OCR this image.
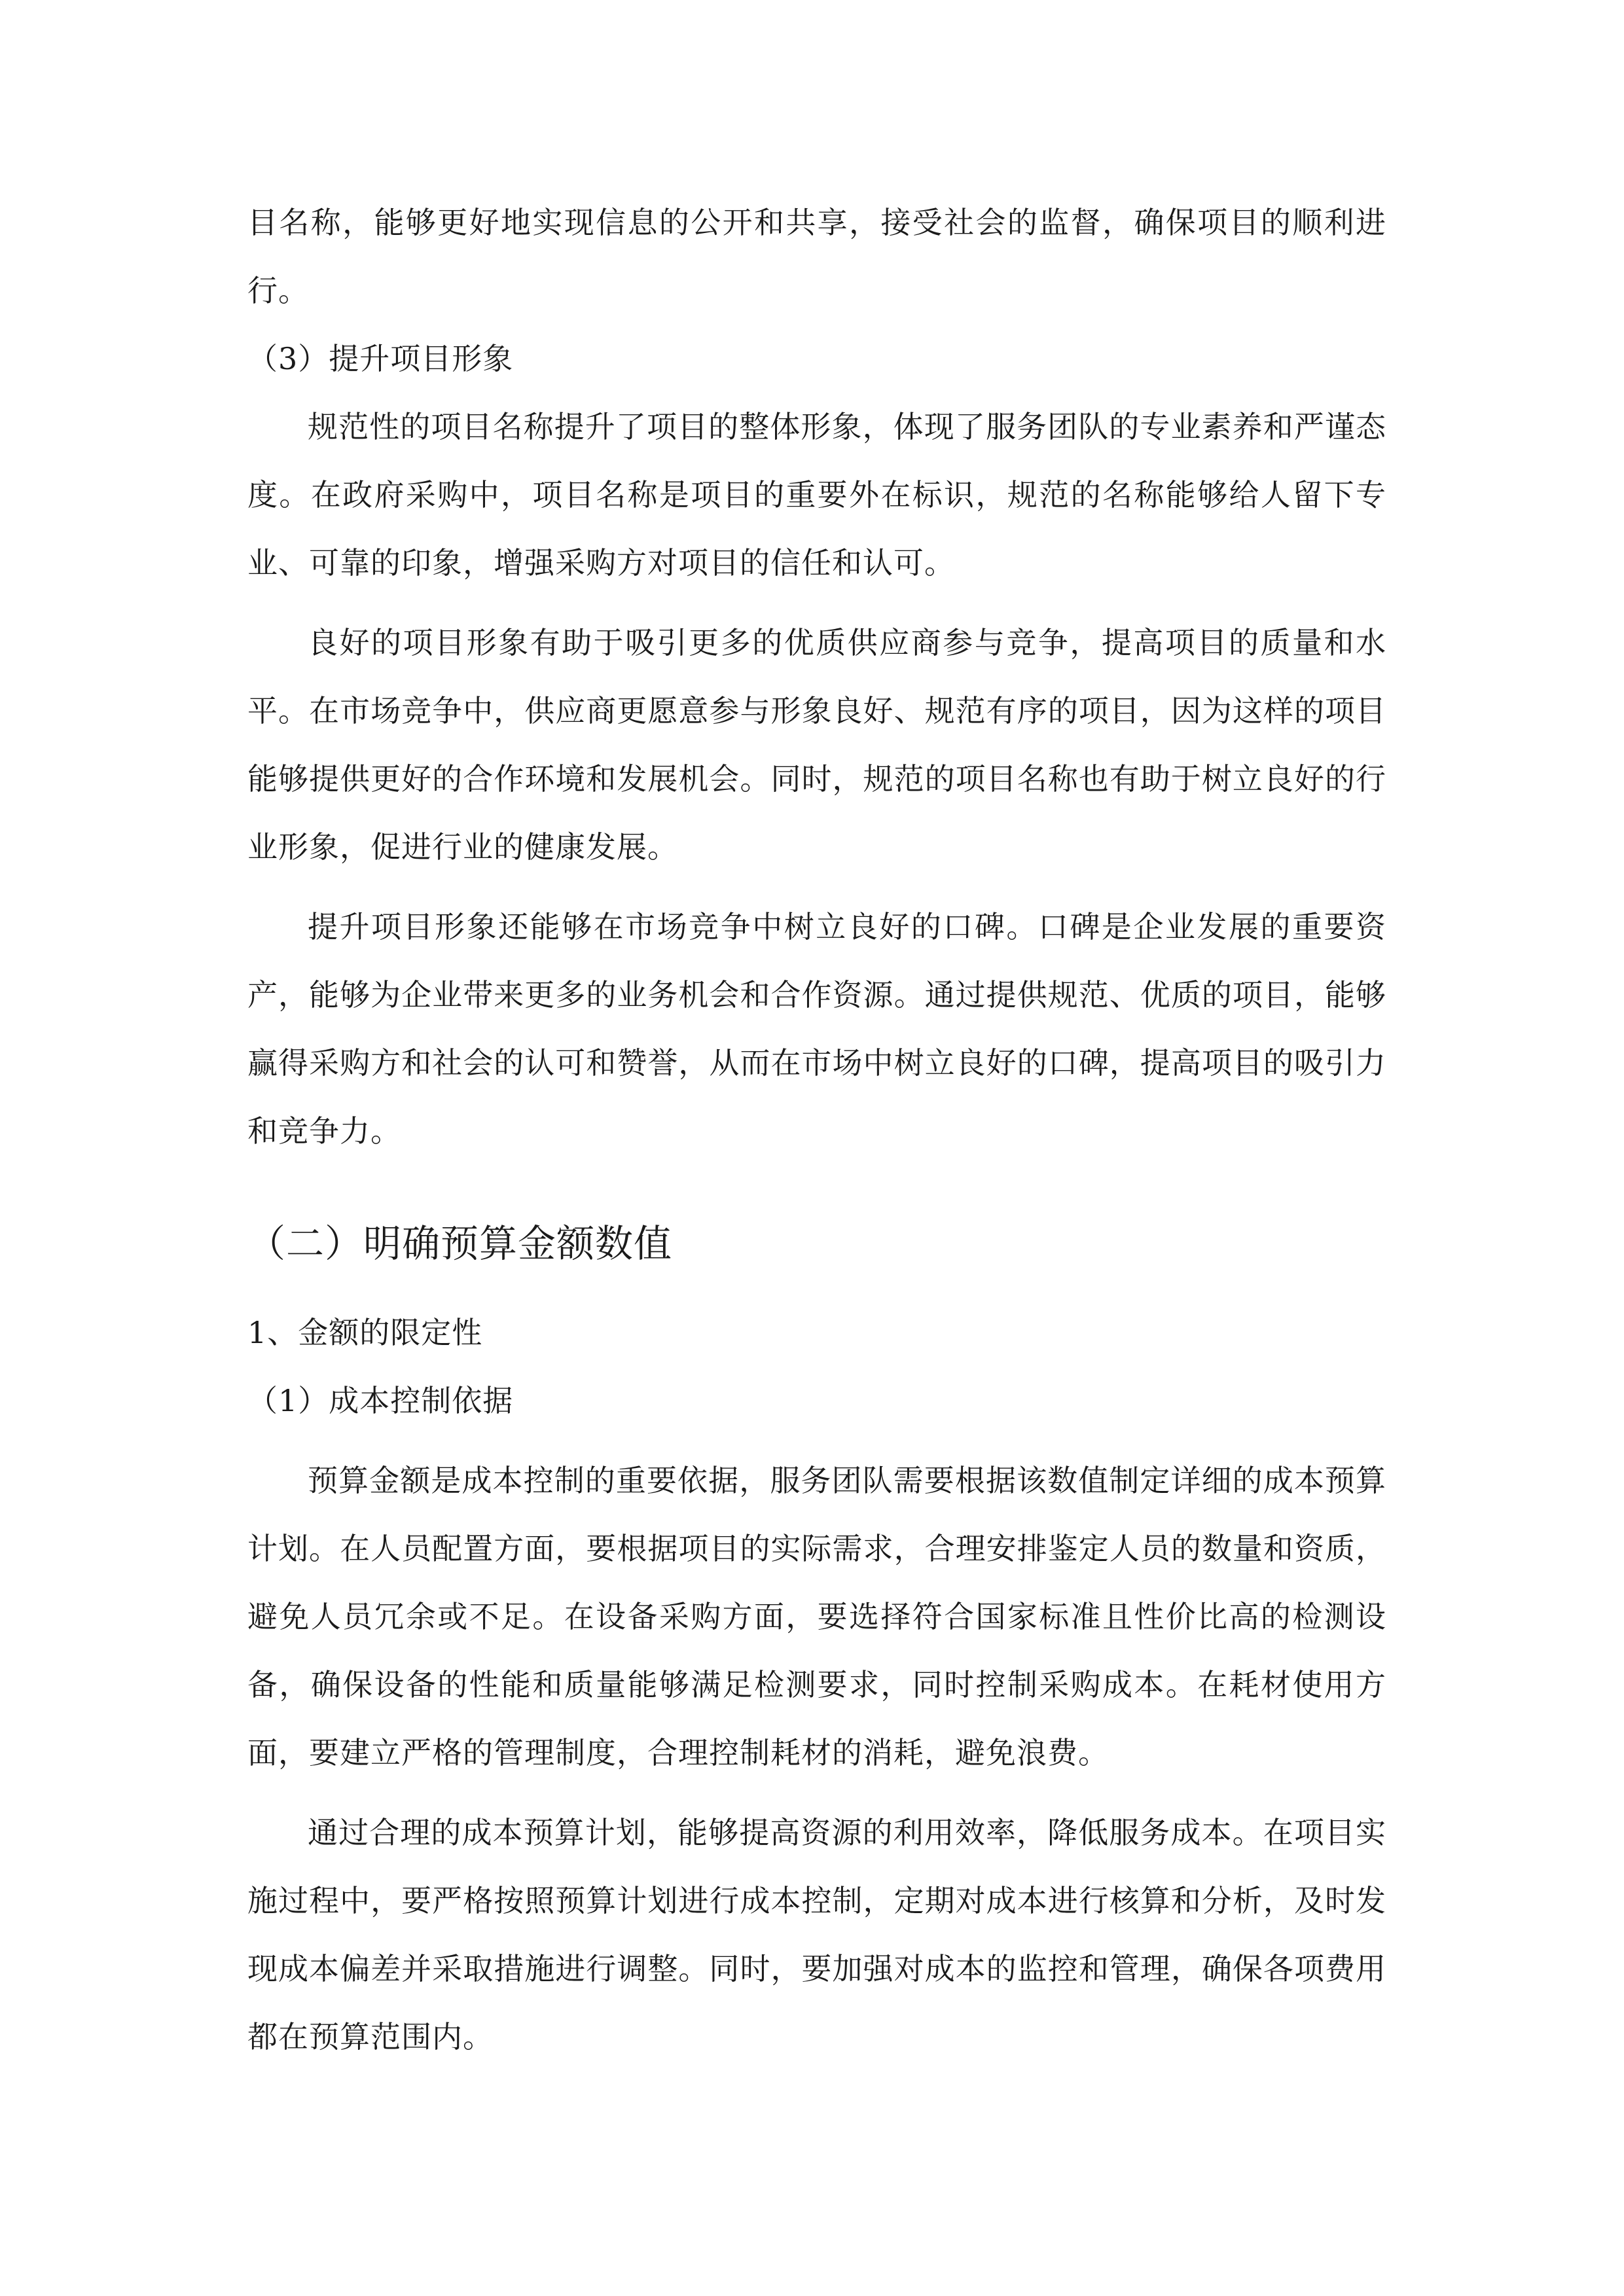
目名称，能够更好地实现信息的公开和共享，接受社会的监督，确保项目的顺利进行。

（3）提升项目形象

规范性的项目名称提升了项目的整体形象，体现了服务团队的专业素养和严谨态度。在政府采购中，项目名称是项目的重要外在标识，规范的名称能够给人留下专业、可靠的印象，增强采购方对项目的信任和认可。

良好的项目形象有助于吸引更多的优质供应商参与竞争，提高项目的质量和水平。在市场竞争中，供应商更愿意参与形象良好、规范有序的项目，因为这样的项目能够提供更好的合作环境和发展机会。同时，规范的项目名称也有助于树立良好的行业形象，促进行业的健康发展。

提升项目形象还能够在市场竞争中树立良好的口碑。口碑是企业发展的重要资产，能够为企业带来更多的业务机会和合作资源。通过提供规范、优质的项目，能够赢得采购方和社会的认可和赞誉，从而在市场中树立良好的口碑，提高项目的吸引力和竞争力。

（二）明确预算金额数值

1、金额的限定性

（1）成本控制依据

预算金额是成本控制的重要依据，服务团队需要根据该数值制定详细的成本预算计划。在人员配置方面，要根据项目的实际需求，合理安排鉴定人员的数量和资质，避免人员冗余或不足。在设备采购方面，要选择符合国家标准且性价比高的检测设备，确保设备的性能和质量能够满足检测要求，同时控制采购成本。在耗材使用方面，要建立严格的管理制度，合理控制耗材的消耗，避免浪费。

通过合理的成本预算计划，能够提高资源的利用效率，降低服务成本。在项目实施过程中，要严格按照预算计划进行成本控制，定期对成本进行核算和分析，及时发现成本偏差并采取措施进行调整。同时，要加强对成本的监控和管理，确保各项费用都在预算范围内。
